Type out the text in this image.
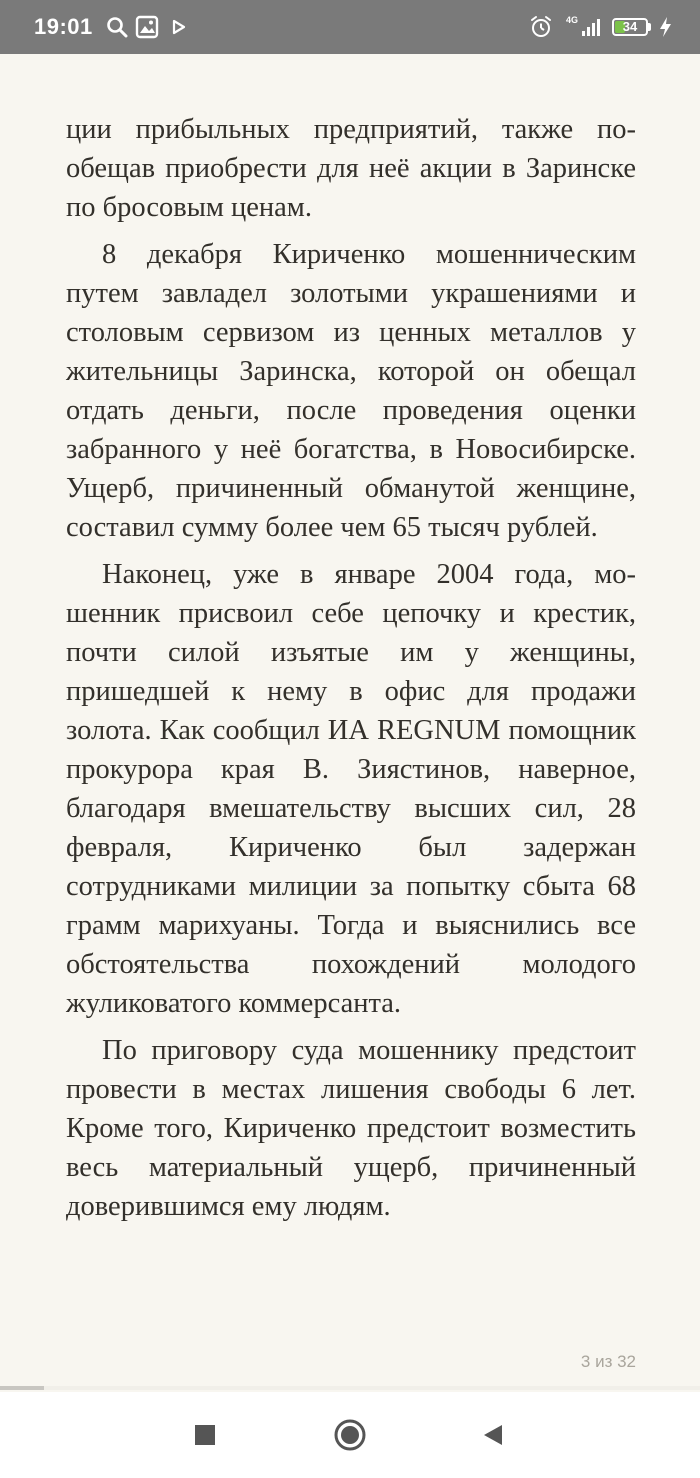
19:01	4G	34

ции прибыльных предприятий, также пообещав приобрести для неё акции в Заринске по бросовым ценам.

8 декабря Кириченко мошенническим путем завладел золотыми украшениями и столовым сервизом из ценных металлов у жительницы Заринска, которой он обещал отдать деньги, после проведения оценки забранного у неё богатства, в Новосибирске. Ущерб, причиненный обманутой женщине, составил сумму более чем 65 тысяч рублей.

Наконец, уже в январе 2004 года, мошенник присвоил себе цепочку и крестик, почти силой изъятые им у женщины, пришедшей к нему в офис для продажи золота. Как сообщил ИА REGNUM помощник прокурора края В. Зиястинов, наверное, благодаря вмешательству высших сил, 28 февраля, Кириченко был задержан сотрудниками милиции за попытку сбыта 68 грамм марихуаны. Тогда и выяснились все обстоятельства похождений молодого жуликоватого коммерсанта.

По приговору суда мошеннику предстоит провести в местах лишения свободы 6 лет. Кроме того, Кириченко предстоит возместить весь материальный ущерб, причиненный доверившимся ему людям.

3 из 32
